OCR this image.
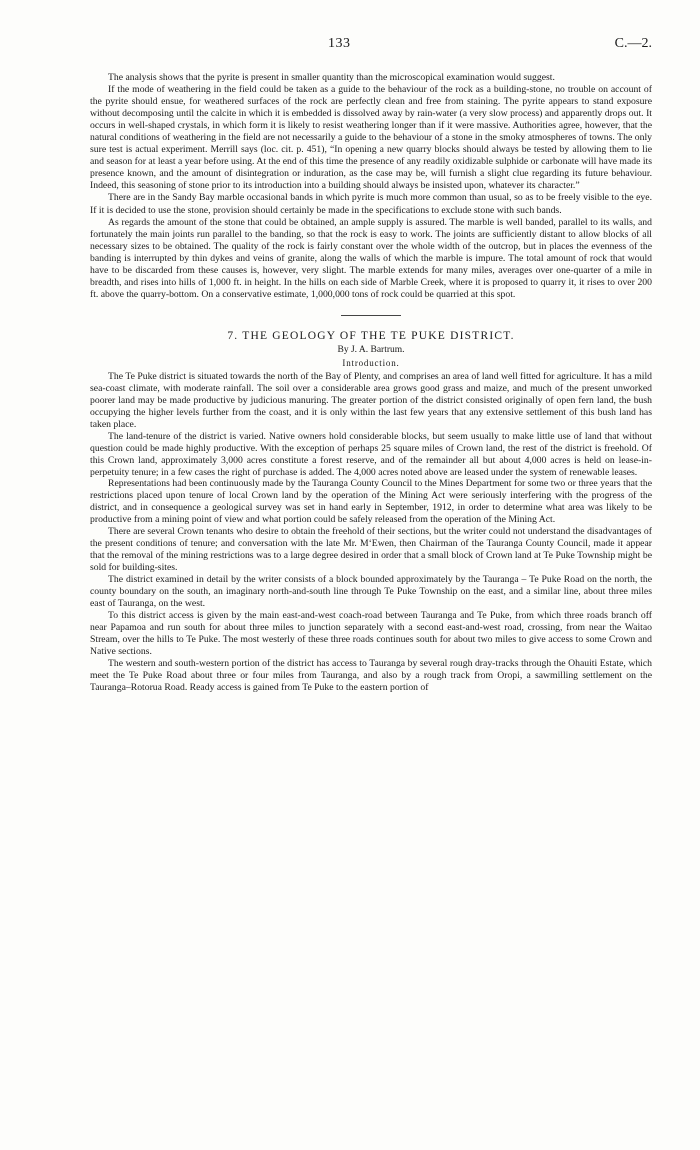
133	C.—2.

The analysis shows that the pyrite is present in smaller quantity than the microscopical examination would suggest.

If the mode of weathering in the field could be taken as a guide to the behaviour of the rock as a building-stone, no trouble on account of the pyrite should ensue, for weathered surfaces of the rock are perfectly clean and free from staining. The pyrite appears to stand exposure without decomposing until the calcite in which it is embedded is dissolved away by rain-water (a very slow process) and apparently drops out. It occurs in well-shaped crystals, in which form it is likely to resist weathering longer than if it were massive. Authorities agree, however, that the natural conditions of weathering in the field are not necessarily a guide to the behaviour of a stone in the smoky atmospheres of towns. The only sure test is actual experiment. Merrill says (loc. cit. p. 451), “In opening a new quarry blocks should always be tested by allowing them to lie and season for at least a year before using. At the end of this time the presence of any readily oxidizable sulphide or carbonate will have made its presence known, and the amount of disintegration or induration, as the case may be, will furnish a slight clue regarding its future behaviour. Indeed, this seasoning of stone prior to its introduction into a building should always be insisted upon, whatever its character.”

There are in the Sandy Bay marble occasional bands in which pyrite is much more common than usual, so as to be freely visible to the eye. If it is decided to use the stone, provision should certainly be made in the specifications to exclude stone with such bands.

As regards the amount of the stone that could be obtained, an ample supply is assured. The marble is well banded, parallel to its walls, and fortunately the main joints run parallel to the banding, so that the rock is easy to work. The joints are sufficiently distant to allow blocks of all necessary sizes to be obtained. The quality of the rock is fairly constant over the whole width of the outcrop, but in places the evenness of the banding is interrupted by thin dykes and veins of granite, along the walls of which the marble is impure. The total amount of rock that would have to be discarded from these causes is, however, very slight. The marble extends for many miles, averages over one-quarter of a mile in breadth, and rises into hills of 1,000 ft. in height. In the hills on each side of Marble Creek, where it is proposed to quarry it, it rises to over 200 ft. above the quarry-bottom. On a conservative estimate, 1,000,000 tons of rock could be quarried at this spot.

7. THE GEOLOGY OF THE TE PUKE DISTRICT.
By J. A. Bartrum.
Introduction.

The Te Puke district is situated towards the north of the Bay of Plenty, and comprises an area of land well fitted for agriculture. It has a mild sea-coast climate, with moderate rainfall. The soil over a considerable area grows good grass and maize, and much of the present unworked poorer land may be made productive by judicious manuring. The greater portion of the district consisted originally of open fern land, the bush occupying the higher levels further from the coast, and it is only within the last few years that any extensive settlement of this bush land has taken place.

The land-tenure of the district is varied. Native owners hold considerable blocks, but seem usually to make little use of land that without question could be made highly productive. With the exception of perhaps 25 square miles of Crown land, the rest of the district is freehold. Of this Crown land, approximately 3,000 acres constitute a forest reserve, and of the remainder all but about 4,000 acres is held on lease-in-perpetuity tenure; in a few cases the right of purchase is added. The 4,000 acres noted above are leased under the system of renewable leases.

Representations had been continuously made by the Tauranga County Council to the Mines Department for some two or three years that the restrictions placed upon tenure of local Crown land by the operation of the Mining Act were seriously interfering with the progress of the district, and in consequence a geological survey was set in hand early in September, 1912, in order to determine what area was likely to be productive from a mining point of view and what portion could be safely released from the operation of the Mining Act.

There are several Crown tenants who desire to obtain the freehold of their sections, but the writer could not understand the disadvantages of the present conditions of tenure; and conversation with the late Mr. M‘Ewen, then Chairman of the Tauranga County Council, made it appear that the removal of the mining restrictions was to a large degree desired in order that a small block of Crown land at Te Puke Township might be sold for building-sites.

The district examined in detail by the writer consists of a block bounded approximately by the Tauranga – Te Puke Road on the north, the county boundary on the south, an imaginary north-and-south line through Te Puke Township on the east, and a similar line, about three miles east of Tauranga, on the west.

To this district access is given by the main east-and-west coach-road between Tauranga and Te Puke, from which three roads branch off near Papamoa and run south for about three miles to junction separately with a second east-and-west road, crossing, from near the Waitao Stream, over the hills to Te Puke. The most westerly of these three roads continues south for about two miles to give access to some Crown and Native sections.

The western and south-western portion of the district has access to Tauranga by several rough dray-tracks through the Ohauiti Estate, which meet the Te Puke Road about three or four miles from Tauranga, and also by a rough track from Oropi, a sawmilling settlement on the Tauranga–Rotorua Road. Ready access is gained from Te Puke to the eastern portion of
